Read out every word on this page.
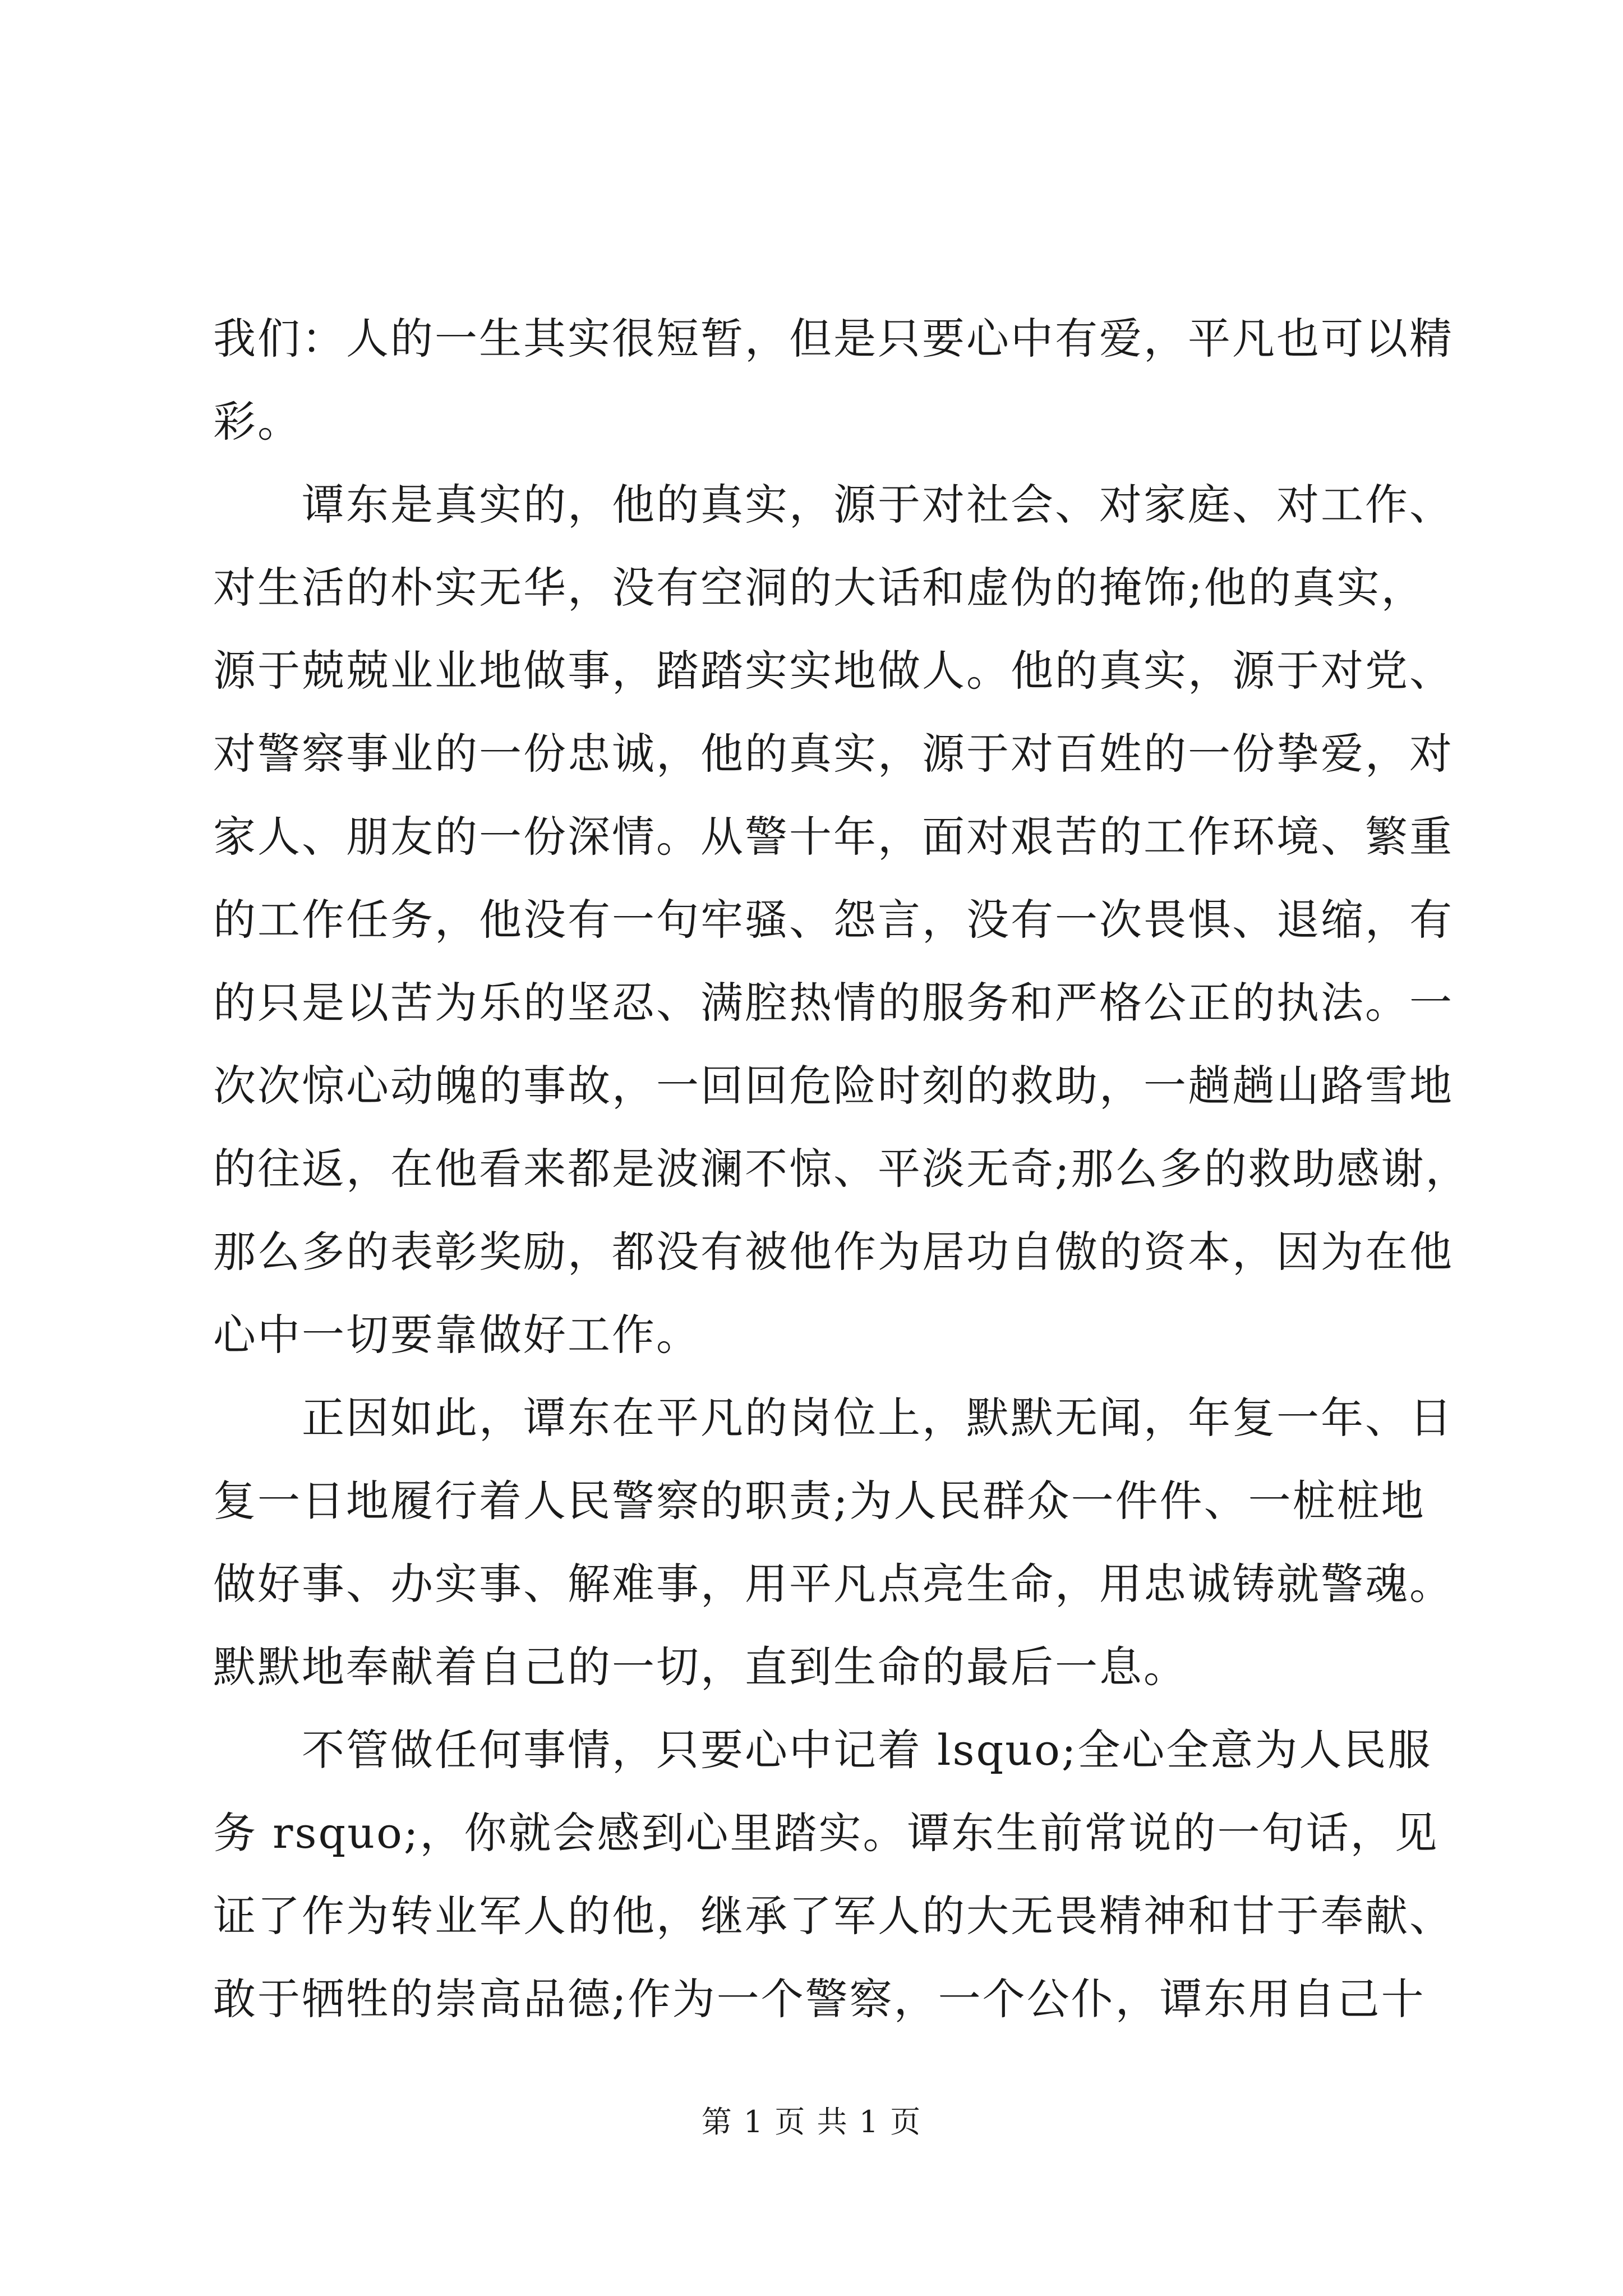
我们：人的一生其实很短暂，但是只要心中有爱，平凡也可以精
彩。
谭东是真实的，他的真实，源于对社会、对家庭、对工作、
对生活的朴实无华，没有空洞的大话和虚伪的掩饰;他的真实，
源于兢兢业业地做事，踏踏实实地做人。他的真实，源于对党、
对警察事业的一份忠诚，他的真实，源于对百姓的一份挚爱，对
家人、朋友的一份深情。从警十年，面对艰苦的工作环境、繁重
的工作任务，他没有一句牢骚、怨言，没有一次畏惧、退缩，有
的只是以苦为乐的坚忍、满腔热情的服务和严格公正的执法。一
次次惊心动魄的事故，一回回危险时刻的救助，一趟趟山路雪地
的往返，在他看来都是波澜不惊、平淡无奇;那么多的救助感谢，
那么多的表彰奖励，都没有被他作为居功自傲的资本，因为在他
心中一切要靠做好工作。
正因如此，谭东在平凡的岗位上，默默无闻，年复一年、日
复一日地履行着人民警察的职责;为人民群众一件件、一桩桩地
做好事、办实事、解难事，用平凡点亮生命，用忠诚铸就警魂。
默默地奉献着自己的一切，直到生命的最后一息。
不管做任何事情，只要心中记着 lsquo;全心全意为人民服
务 rsquo;，你就会感到心里踏实。谭东生前常说的一句话，见
证了作为转业军人的他，继承了军人的大无畏精神和甘于奉献、
敢于牺牲的崇高品德;作为一个警察，一个公仆，谭东用自己十
第 1 页 共 1 页
